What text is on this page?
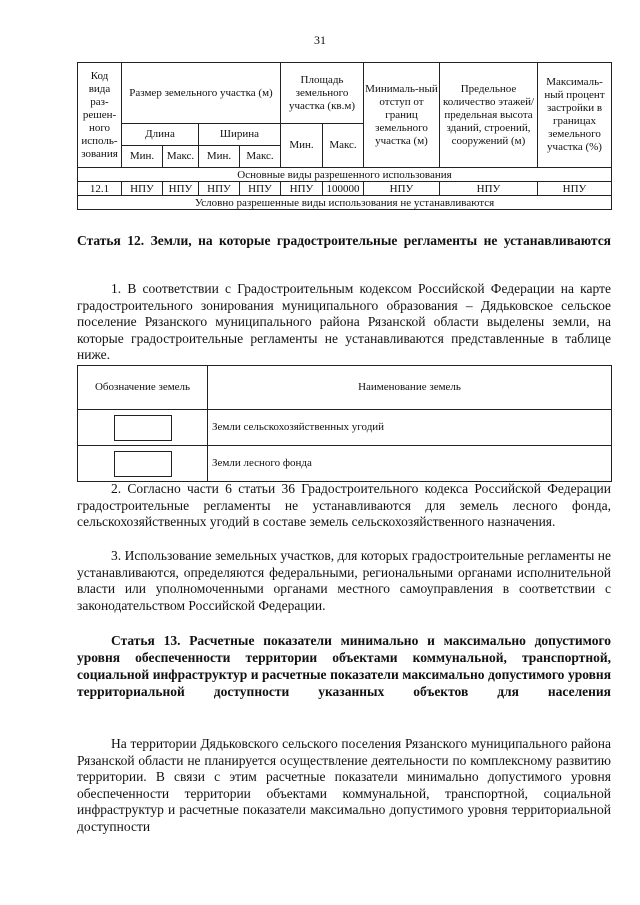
31
Код вида раз-решен-ного исполь-зования	Размер земельного участка (м)				Площадь земельного участка (кв.м)		Минималь-ный отступ от границ земельного участка (м)	Предельное количество этажей/ предельная высота зданий, строений, сооружений (м)	Максималь-ный процент застройки в границах земельного участка (%)
	Длина		Ширина		Мин.	Макс.			
	Мин.	Макс.	Мин.	Макс.					
Основные виды разрешенного использования									
12.1	НПУ	НПУ	НПУ	НПУ	НПУ	100000	НПУ	НПУ	НПУ
Условно разрешенные виды использования не устанавливаются									
Статья 12. Земли, на которые градостроительные регламенты не устанавливаются
1. В соответствии с Градостроительным кодексом Российской Федерации на карте градостроительного зонирования муниципального образования – Дядьковское сельское поселение Рязанского муниципального района Рязанской области выделены земли, на которые градостроительные регламенты не устанавливаются представленные в таблице ниже.
Обозначение земель	Наименование земель
	Земли сельскохозяйственных угодий
	Земли лесного фонда
2. Согласно части 6 статьи 36 Градостроительного кодекса Российской Федерации градостроительные регламенты не устанавливаются для земель лесного фонда, сельскохозяйственных угодий в составе земель сельскохозяйственного назначения.
3. Использование земельных участков, для которых градостроительные регламенты не устанавливаются, определяются федеральными, региональными органами исполнительной власти или уполномоченными органами местного самоуправления в соответствии с законодательством Российской Федерации.
Статья 13. Расчетные показатели минимально и максимально допустимого уровня обеспеченности территории объектами коммунальной, транспортной, социальной инфраструктур и расчетные показатели максимально допустимого уровня территориальной доступности указанных объектов для населения
На территории Дядьковского сельского поселения Рязанского муниципального района Рязанской области не планируется осуществление деятельности по комплексному развитию территории. В связи с этим расчетные показатели минимально допустимого уровня обеспеченности территории объектами коммунальной, транспортной, социальной инфраструктур и расчетные показатели максимально допустимого уровня территориальной доступности
